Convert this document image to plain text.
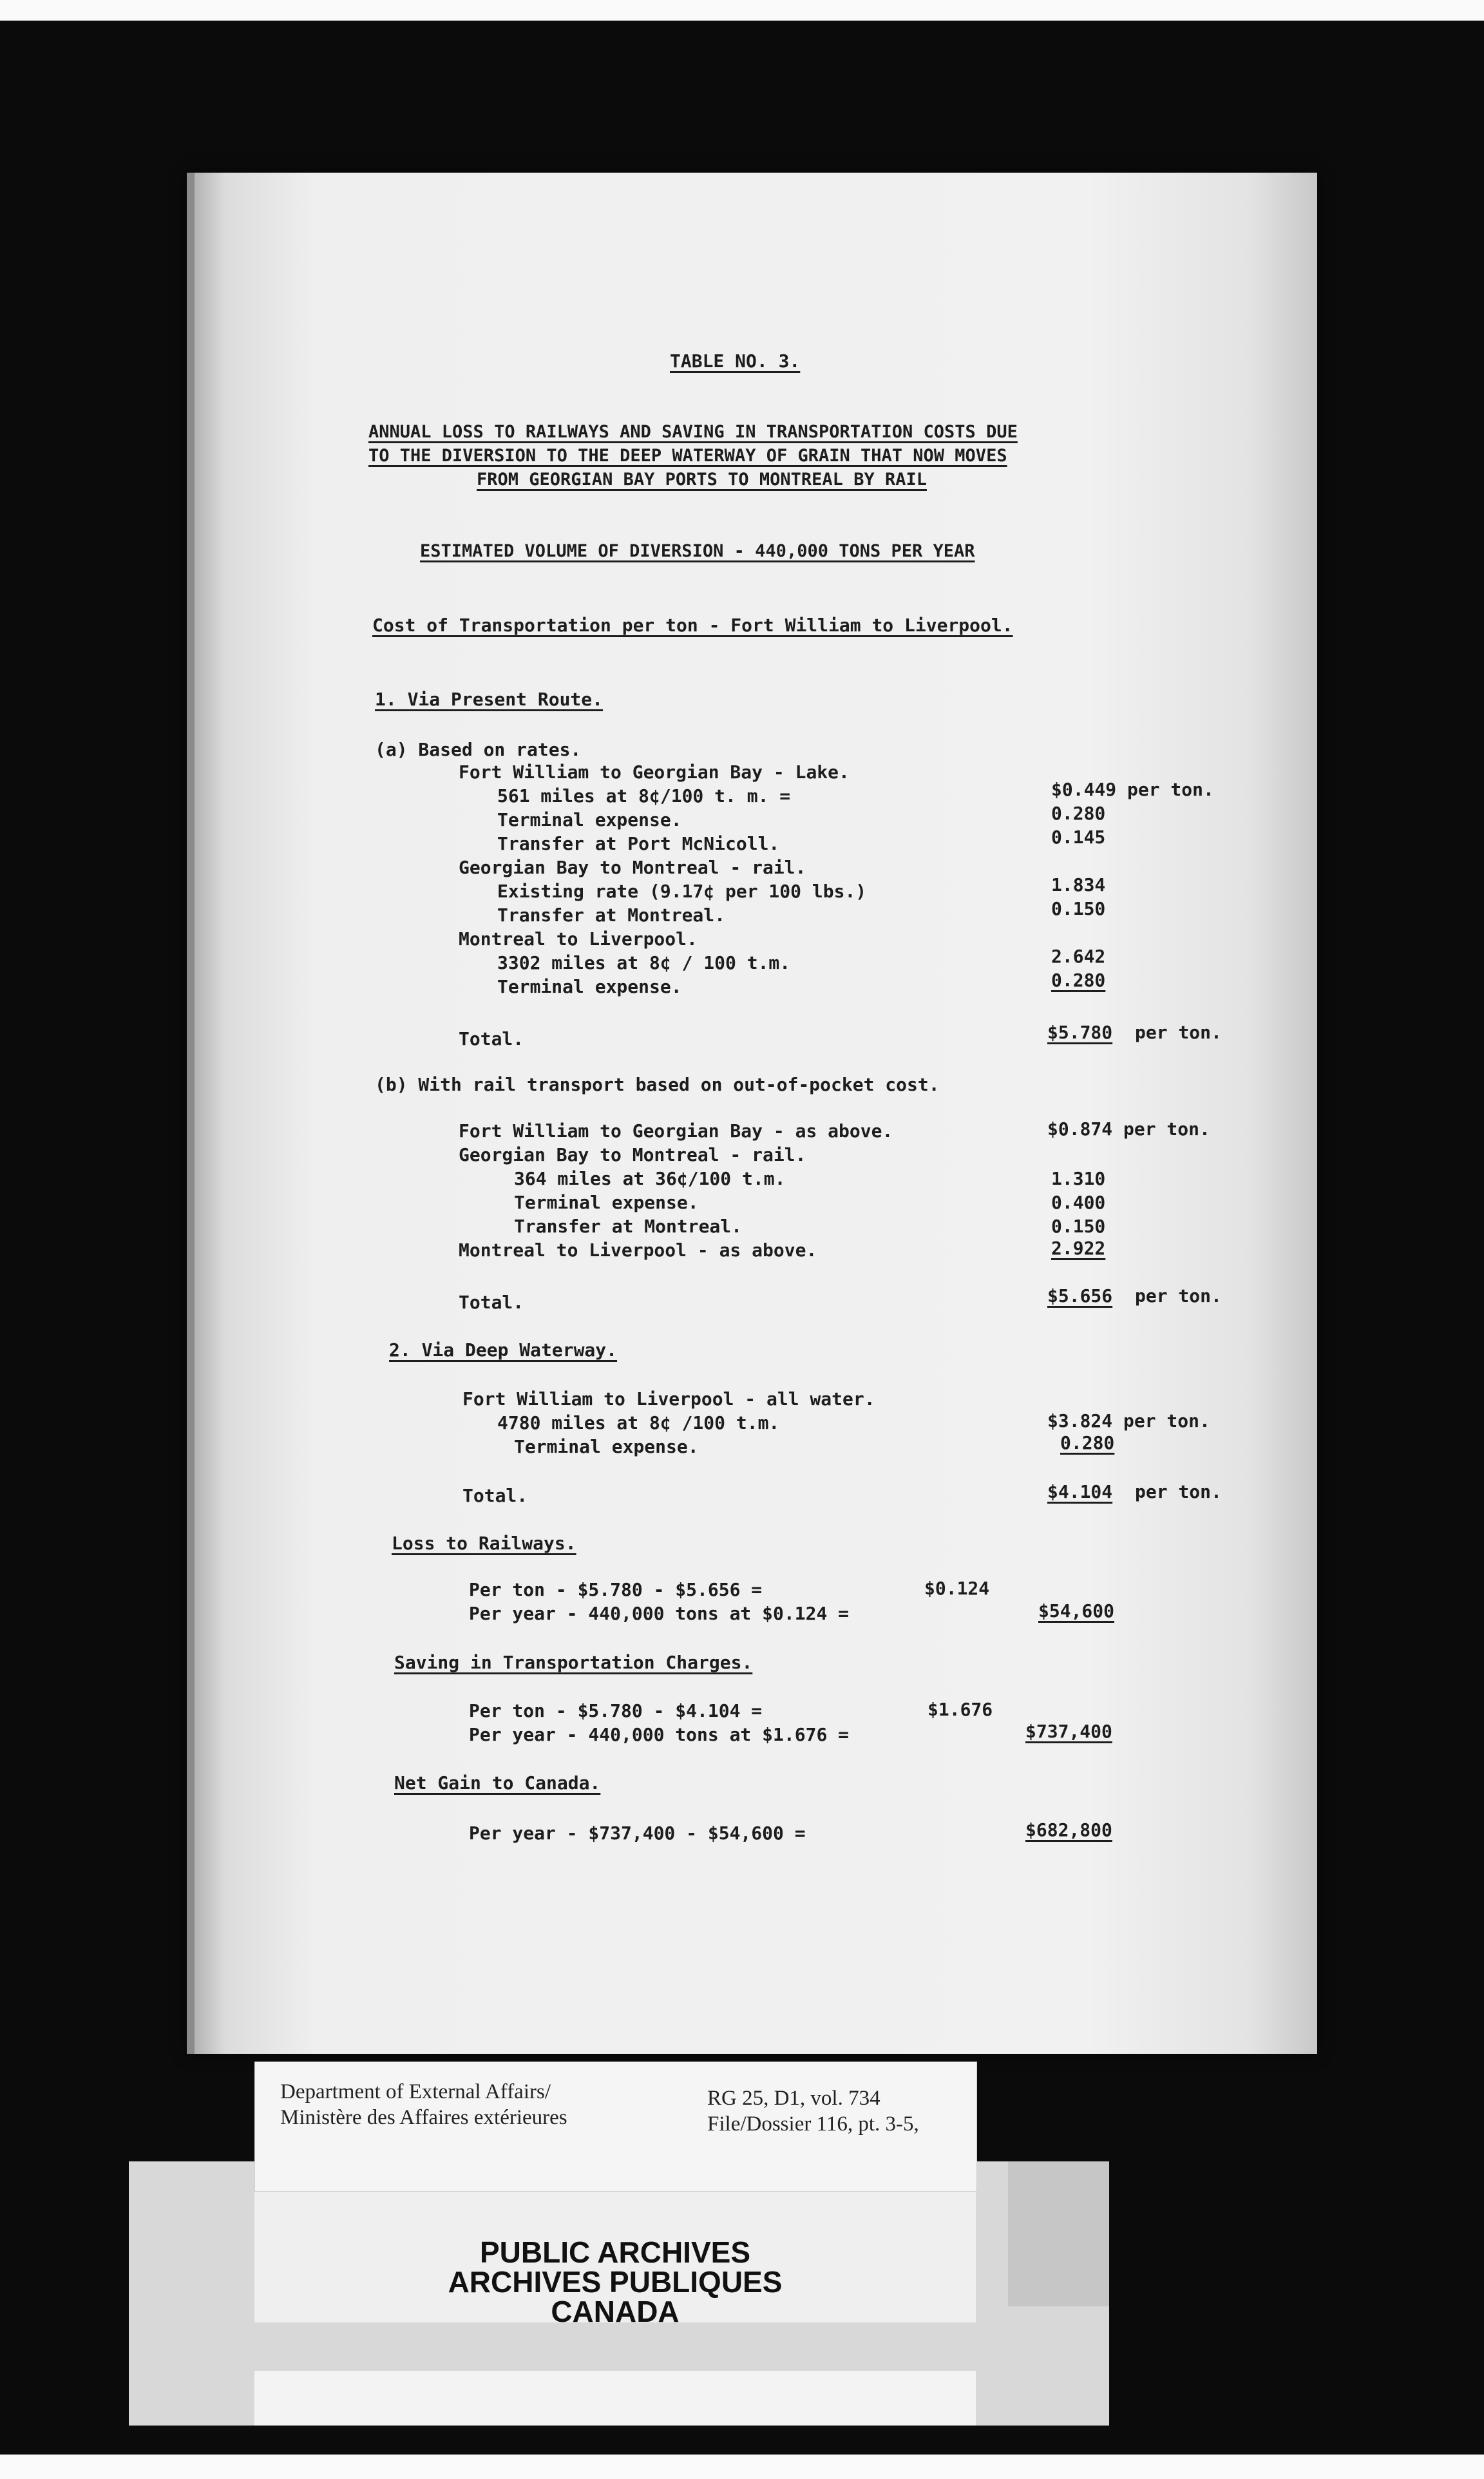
TABLE NO. 3.
ANNUAL LOSS TO RAILWAYS AND SAVING IN TRANSPORTATION COSTS DUE
TO THE DIVERSION TO THE DEEP WATERWAY OF GRAIN THAT NOW MOVES
FROM GEORGIAN BAY PORTS TO MONTREAL BY RAIL
ESTIMATED VOLUME OF DIVERSION - 440,000 TONS PER YEAR
Cost of Transportation per ton - Fort William to Liverpool.
1. Via Present Route.
(a) Based on rates.
Fort William to Georgian Bay - Lake.
561 miles at 8¢/100 t. m. =	$0.449 per ton.
Terminal expense.	0.280
Transfer at Port McNicoll.	0.145
Georgian Bay to Montreal - rail.
Existing rate (9.17¢ per 100 lbs.)	1.834
Transfer at Montreal.	0.150
Montreal to Liverpool.
3302 miles at 8¢ / 100 t.m.	2.642
Terminal expense.	0.280
Total.	$5.780 per ton.
(b) With rail transport based on out-of-pocket cost.
Fort William to Georgian Bay - as above.	$0.874 per ton.
Georgian Bay to Montreal - rail.
364 miles at 36¢/100 t.m.	1.310
Terminal expense.	0.400
Transfer at Montreal.	0.150
Montreal to Liverpool - as above.	2.922
Total.	$5.656 per ton.
2. Via Deep Waterway.
Fort William to Liverpool - all water.
4780 miles at 8¢ /100 t.m.	$3.824 per ton.
Terminal expense.	0.280
Total.	$4.104 per ton.
Loss to Railways.
Per ton - $5.780 - $5.656 =	$0.124
Per year - 440,000 tons at $0.124 =	$54,600
Saving in Transportation Charges.
Per ton - $5.780 - $4.104 =	$1.676
Per year - 440,000 tons at $1.676 =	$737,400
Net Gain to Canada.
Per year - $737,400 - $54,600 =	$682,800
Department of External Affairs/
Ministère des Affaires extérieures
RG 25, D1, vol. 734
File/Dossier 116, pt. 3-5,
PUBLIC ARCHIVES
ARCHIVES PUBLIQUES
CANADA
